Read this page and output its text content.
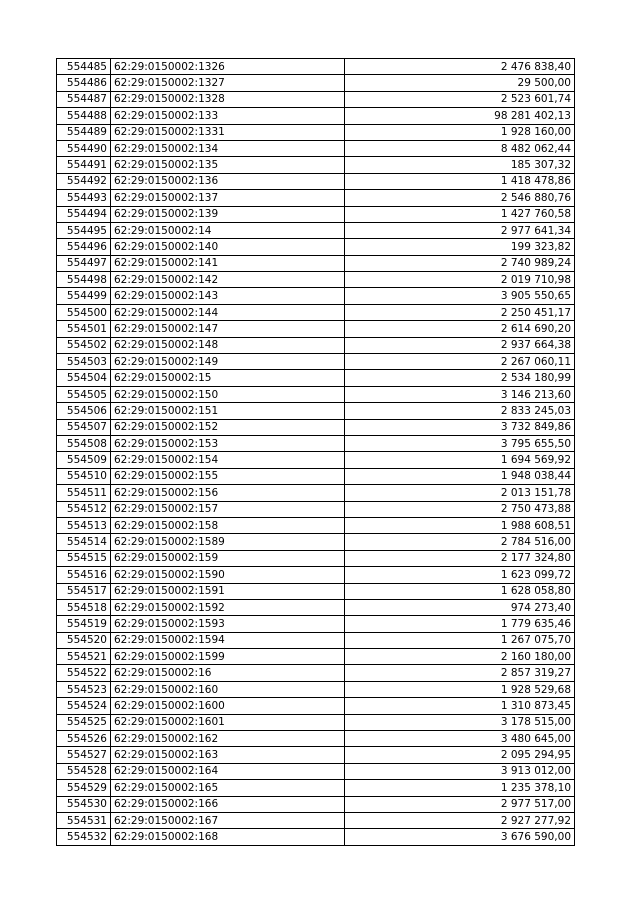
554485	62:29:0150002:1326	2 476 838,40
554486	62:29:0150002:1327	29 500,00
554487	62:29:0150002:1328	2 523 601,74
554488	62:29:0150002:133	98 281 402,13
554489	62:29:0150002:1331	1 928 160,00
554490	62:29:0150002:134	8 482 062,44
554491	62:29:0150002:135	185 307,32
554492	62:29:0150002:136	1 418 478,86
554493	62:29:0150002:137	2 546 880,76
554494	62:29:0150002:139	1 427 760,58
554495	62:29:0150002:14	2 977 641,34
554496	62:29:0150002:140	199 323,82
554497	62:29:0150002:141	2 740 989,24
554498	62:29:0150002:142	2 019 710,98
554499	62:29:0150002:143	3 905 550,65
554500	62:29:0150002:144	2 250 451,17
554501	62:29:0150002:147	2 614 690,20
554502	62:29:0150002:148	2 937 664,38
554503	62:29:0150002:149	2 267 060,11
554504	62:29:0150002:15	2 534 180,99
554505	62:29:0150002:150	3 146 213,60
554506	62:29:0150002:151	2 833 245,03
554507	62:29:0150002:152	3 732 849,86
554508	62:29:0150002:153	3 795 655,50
554509	62:29:0150002:154	1 694 569,92
554510	62:29:0150002:155	1 948 038,44
554511	62:29:0150002:156	2 013 151,78
554512	62:29:0150002:157	2 750 473,88
554513	62:29:0150002:158	1 988 608,51
554514	62:29:0150002:1589	2 784 516,00
554515	62:29:0150002:159	2 177 324,80
554516	62:29:0150002:1590	1 623 099,72
554517	62:29:0150002:1591	1 628 058,80
554518	62:29:0150002:1592	974 273,40
554519	62:29:0150002:1593	1 779 635,46
554520	62:29:0150002:1594	1 267 075,70
554521	62:29:0150002:1599	2 160 180,00
554522	62:29:0150002:16	2 857 319,27
554523	62:29:0150002:160	1 928 529,68
554524	62:29:0150002:1600	1 310 873,45
554525	62:29:0150002:1601	3 178 515,00
554526	62:29:0150002:162	3 480 645,00
554527	62:29:0150002:163	2 095 294,95
554528	62:29:0150002:164	3 913 012,00
554529	62:29:0150002:165	1 235 378,10
554530	62:29:0150002:166	2 977 517,00
554531	62:29:0150002:167	2 927 277,92
554532	62:29:0150002:168	3 676 590,00
